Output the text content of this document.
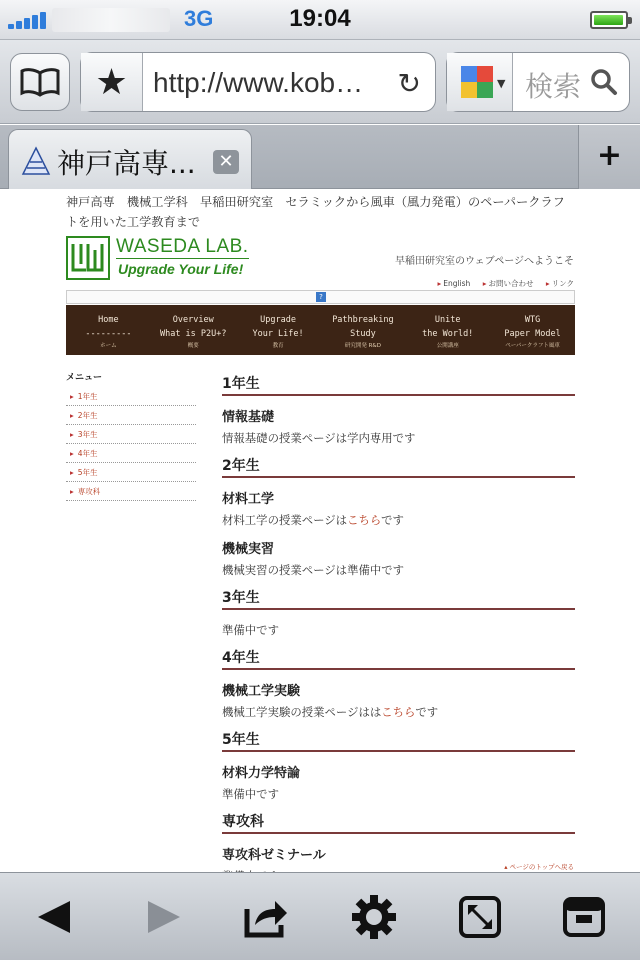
3G	19:04
★ http://www.kob… ↻	▼ 検索
神戸高専...	✕	+
神戸高専　機械工学科　早稲田研究室　セラミックから風車（風力発電）のペーパークラフトを用いた工学教育まで
WASEDA LAB.
Upgrade Your Life!	早稲田研究室のウェブページへようこそ
▸ English ▸ お問い合わせ ▸ リンク
?
Home
---------
ホーム
Overview
What is P2U+?
概要
Upgrade
Your Life!
教育
Pathbreaking
Study
研究開発 R&D
Unite
the World!
公開講座
WTG
Paper Model
ペーパークラフト風車
メニュー
▸ 1年生
▸ 2年生
▸ 3年生
▸ 4年生
▸ 5年生
▸ 専攻科
1年生
情報基礎
情報基礎の授業ページは学内専用です
2年生
材料工学
材料工学の授業ページはこちらです
機械実習
機械実習の授業ページは準備中です
3年生
準備中です
4年生
機械工学実験
機械工学実験の授業ページははこちらです
5年生
材料力学特論
準備中です
専攻科
専攻科ゼミナール
▴ ページのトップへ戻る
